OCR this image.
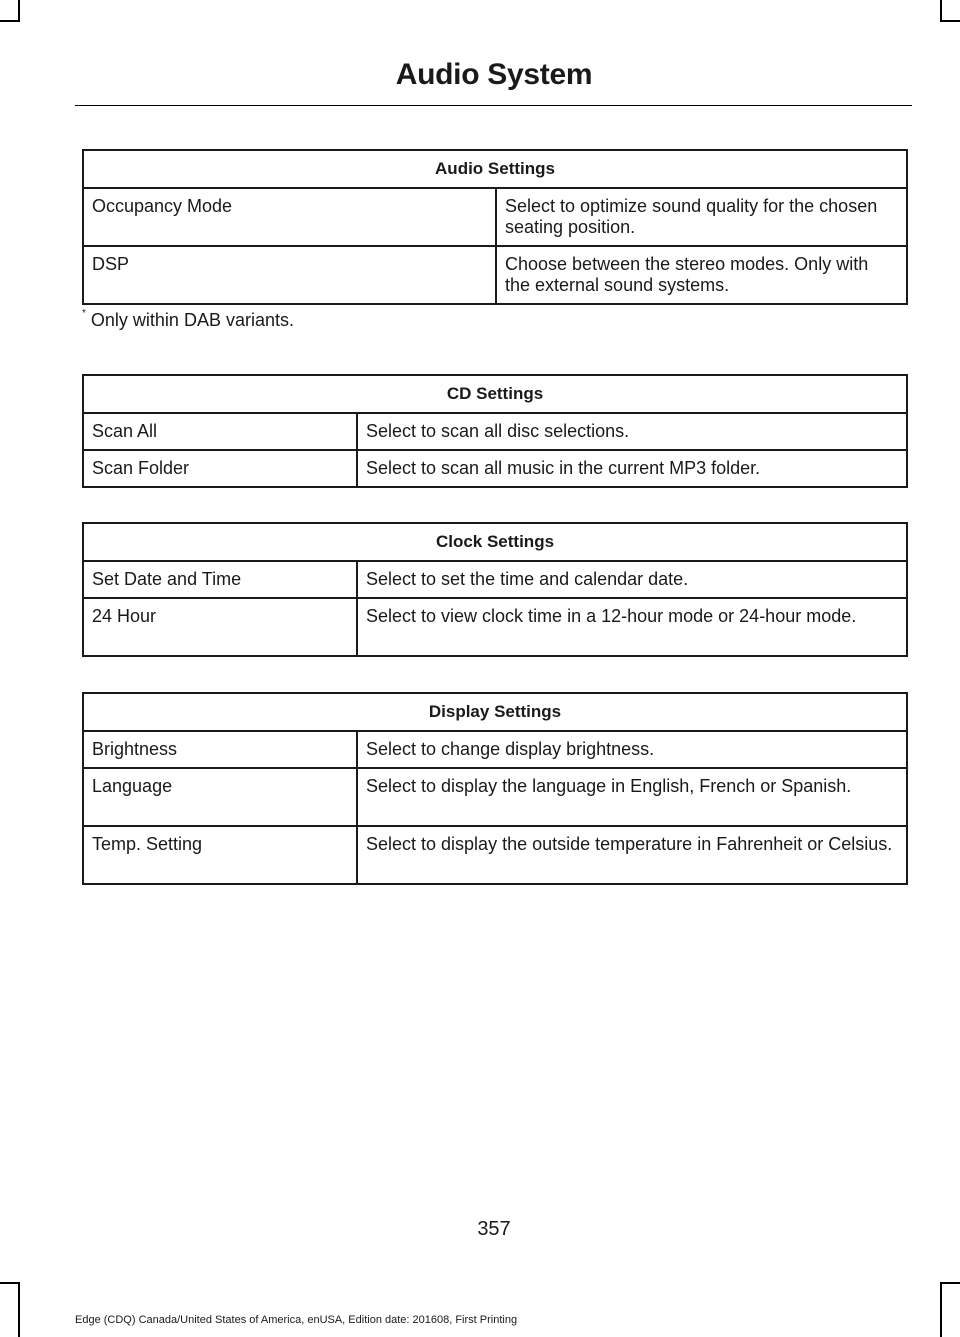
Audio System
Audio Settings	
Occupancy Mode	Select to optimize sound quality for the chosen seating position.
DSP	Choose between the stereo modes. Only with the external sound systems.
* Only within DAB variants.
CD Settings	
Scan All	Select to scan all disc selections.
Scan Folder	Select to scan all music in the current MP3 folder.
Clock Settings	
Set Date and Time	Select to set the time and calendar date.
24 Hour	Select to view clock time in a 12-hour mode or 24-hour mode.
Display Settings	
Brightness	Select to change display brightness.
Language	Select to display the language in English, French or Spanish.
Temp. Setting	Select to display the outside temperature in Fahrenheit or Celsius.
357
Edge (CDQ) Canada/United States of America, enUSA, Edition date: 201608, First Printing
